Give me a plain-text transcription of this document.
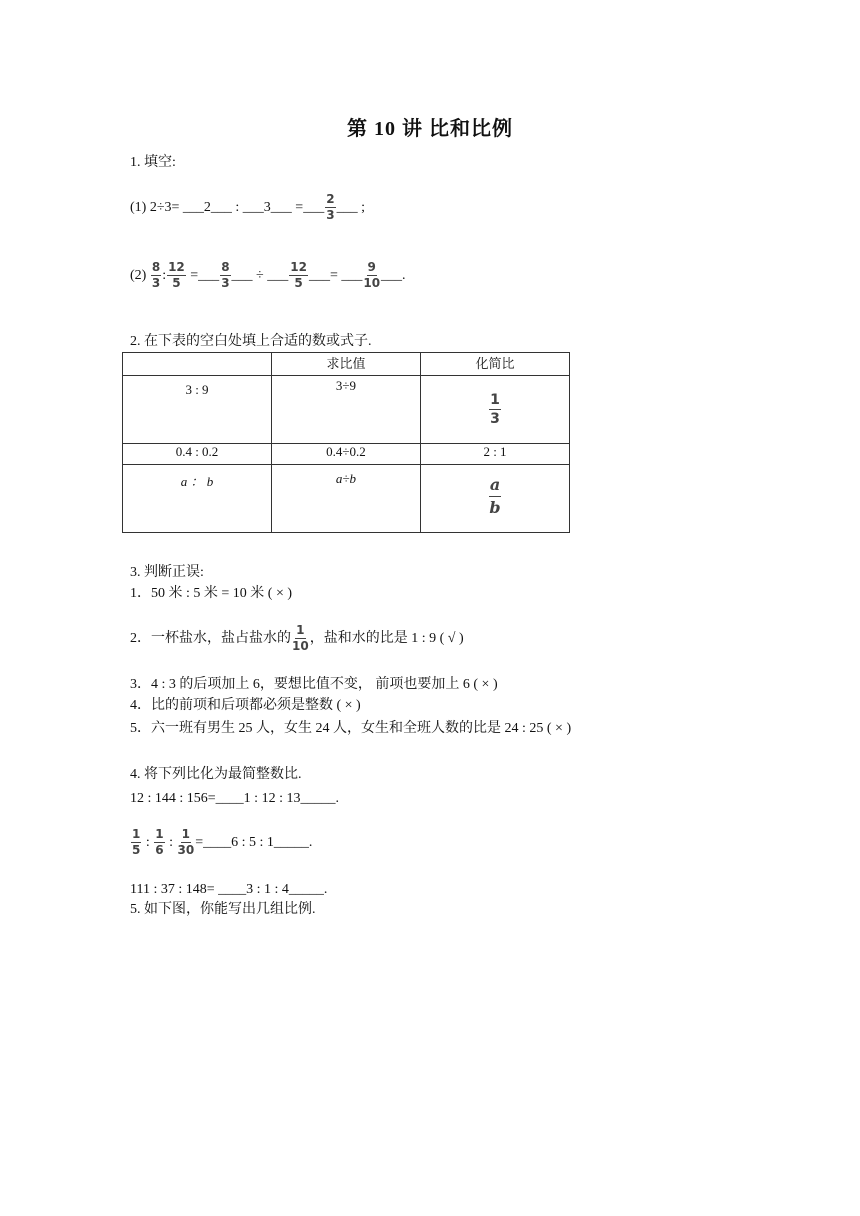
第 10 讲 比和比例
1. 填空:
(1) 2÷3= ___2___ : ___3___ =___ $\frac{2}{3}$ ___ ;
$(2) \frac{8}{3}$ : $\frac{12}{5}$ =___ $\frac{8}{3}$ ___ ÷ ___ $\frac{12}{5}$ ___= ___ $\frac{9}{10}$ ___.
2. 在下表的空白处填上合适的数或式子.
	求比值	化简比

3 : 9	3÷9	$\frac{1}{3}$

0.4 : 0.2	0.4÷0.2	2 : 1

a ： b	a÷b	$\frac{a}{b}$
3. 判断正误:
1．50 米 : 5 米 = 10 米 ( × )
2．一杯盐水，盐占盐水的 $\frac{1}{10}$ ，盐和水的比是 1 : 9 ( √ )
3．4 : 3 的后项加上 6，要想比值不变， 前项也要加上 6 ( × )
4．比的前项和后项都必须是整数 ( × )
5．六一班有男生 25 人，女生 24 人，女生和全班人数的比是 24 : 25 ( × )
4. 将下列比化为最简整数比.
12 : 144 : 156=____1 : 12 : 13_____.
$\frac{1}{5}$ : $\frac{1}{6}$ : $\frac{1}{30}$ =____6 : 5 : 1_____.
111 : 37 : 148= ____3 : 1 : 4_____.
5. 如下图，你能写出几组比例.
